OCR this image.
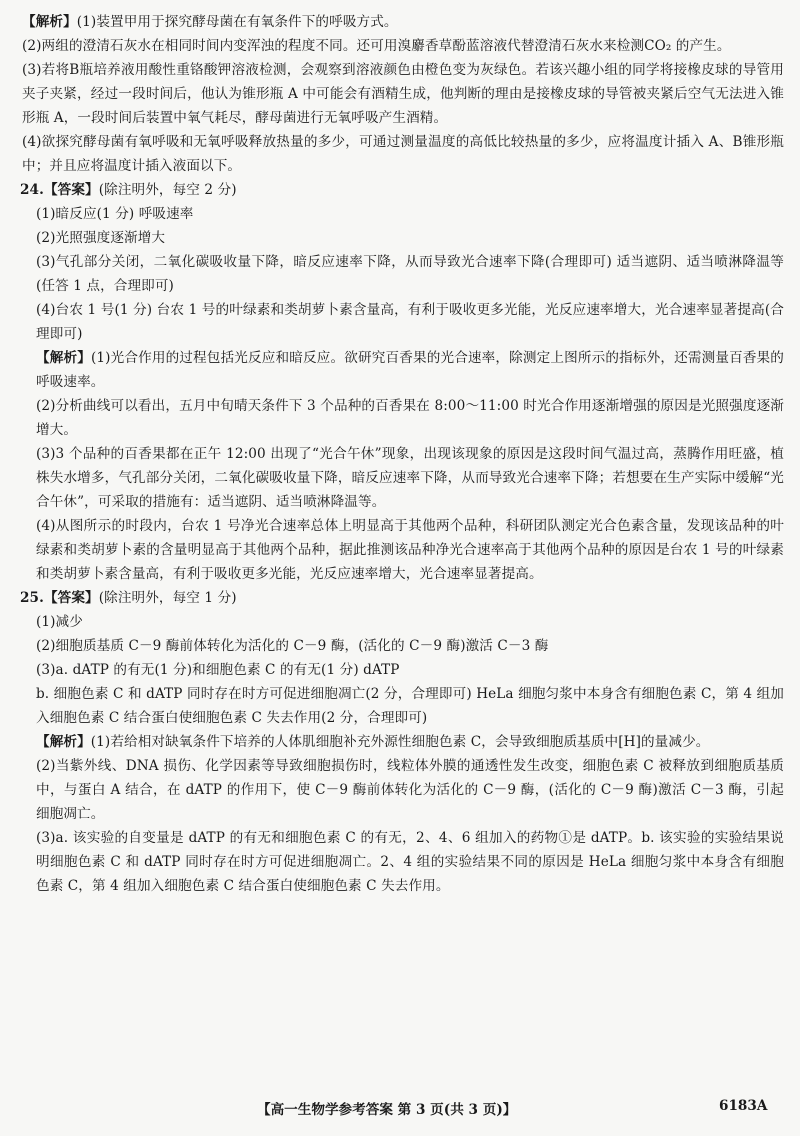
【解析】(1)装置甲用于探究酵母菌在有氧条件下的呼吸方式。

(2)两组的澄清石灰水在相同时间内变浑浊的程度不同。还可用溴麝香草酚蓝溶液代替澄清石灰水来检测CO₂ 的产生。

(3)若将B瓶培养液用酸性重铬酸钾溶液检测，会观察到溶液颜色由橙色变为灰绿色。若该兴趣小组的同学将接橡皮球的导管用夹子夹紧，经过一段时间后，他认为锥形瓶 A 中可能会有酒精生成，他判断的理由是接橡皮球的导管被夹紧后空气无法进入锥形瓶 A，一段时间后装置中氧气耗尽，酵母菌进行无氧呼吸产生酒精。

(4)欲探究酵母菌有氧呼吸和无氧呼吸释放热量的多少，可通过测量温度的高低比较热量的多少，应将温度计插入 A、B锥形瓶中；并且应将温度计插入液面以下。

24.【答案】(除注明外，每空 2 分)

(1)暗反应(1 分) 呼吸速率

(2)光照强度逐渐增大

(3)气孔部分关闭，二氧化碳吸收量下降，暗反应速率下降，从而导致光合速率下降(合理即可) 适当遮阴、适当喷淋降温等(任答 1 点，合理即可)

(4)台农 1 号(1 分) 台农 1 号的叶绿素和类胡萝卜素含量高，有利于吸收更多光能，光反应速率增大，光合速率显著提高(合理即可)

【解析】(1)光合作用的过程包括光反应和暗反应。欲研究百香果的光合速率，除测定上图所示的指标外，还需测量百香果的呼吸速率。

(2)分析曲线可以看出，五月中旬晴天条件下 3 个品种的百香果在 8:00～11:00 时光合作用逐渐增强的原因是光照强度逐渐增大。

(3)3 个品种的百香果都在正午 12:00 出现了“光合午休”现象，出现该现象的原因是这段时间气温过高，蒸腾作用旺盛，植株失水增多，气孔部分关闭，二氧化碳吸收量下降，暗反应速率下降，从而导致光合速率下降；若想要在生产实际中缓解“光合午休”，可采取的措施有：适当遮阴、适当喷淋降温等。

(4)从图所示的时段内，台农 1 号净光合速率总体上明显高于其他两个品种，科研团队测定光合色素含量，发现该品种的叶绿素和类胡萝卜素的含量明显高于其他两个品种，据此推测该品种净光合速率高于其他两个品种的原因是台农 1 号的叶绿素和类胡萝卜素含量高，有利于吸收更多光能，光反应速率增大，光合速率显著提高。

25.【答案】(除注明外，每空 1 分)

(1)减少

(2)细胞质基质 C－9 酶前体转化为活化的 C－9 酶，(活化的 C－9 酶)激活 C－3 酶

(3)a. dATP 的有无(1 分)和细胞色素 C 的有无(1 分) dATP

b. 细胞色素 C 和 dATP 同时存在时方可促进细胞凋亡(2 分，合理即可) HeLa 细胞匀浆中本身含有细胞色素 C，第 4 组加入细胞色素 C 结合蛋白使细胞色素 C 失去作用(2 分，合理即可)

【解析】(1)若给相对缺氧条件下培养的人体肌细胞补充外源性细胞色素 C，会导致细胞质基质中[H]的量减少。

(2)当紫外线、DNA 损伤、化学因素等导致细胞损伤时，线粒体外膜的通透性发生改变，细胞色素 C 被释放到细胞质基质中，与蛋白 A 结合，在 dATP 的作用下，使 C－9 酶前体转化为活化的 C－9 酶，(活化的 C－9 酶)激活 C－3 酶，引起细胞凋亡。

(3)a. 该实验的自变量是 dATP 的有无和细胞色素 C 的有无，2、4、6 组加入的药物①是 dATP。b. 该实验的实验结果说明细胞色素 C 和 dATP 同时存在时方可促进细胞凋亡。2、4 组的实验结果不同的原因是 HeLa 细胞匀浆中本身含有细胞色素 C，第 4 组加入细胞色素 C 结合蛋白使细胞色素 C 失去作用。

【高一生物学参考答案 第 3 页(共 3 页)】	6183A
